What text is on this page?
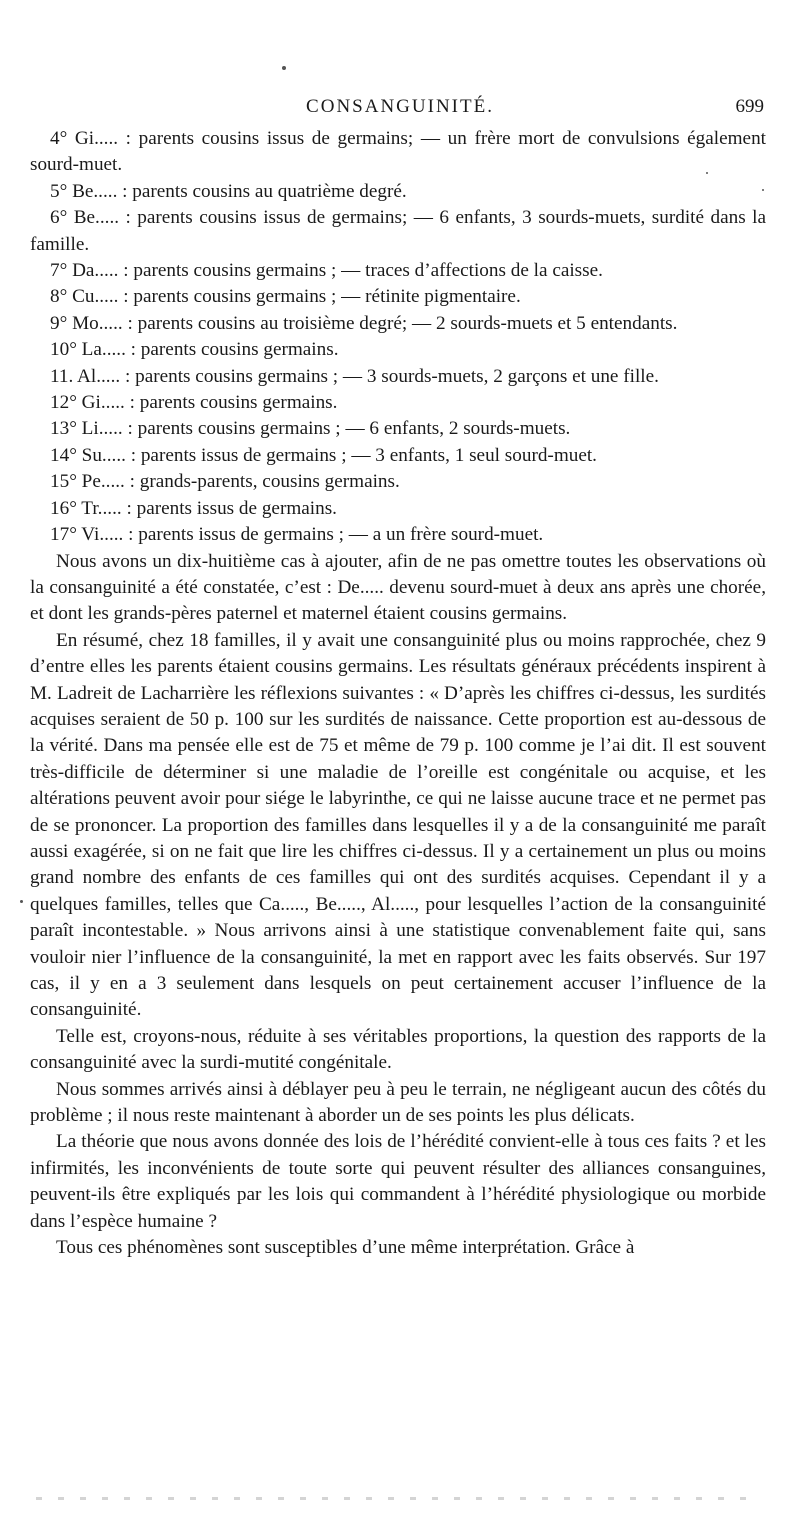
CONSANGUINITÉ.	699

4° Gi..... : parents cousins issus de germains; — un frère mort de convulsions également sourd-muet.

5° Be..... : parents cousins au quatrième degré.

6° Be..... : parents cousins issus de germains; — 6 enfants, 3 sourds-muets, surdité dans la famille.

7° Da..... : parents cousins germains ; — traces d’affections de la caisse.

8° Cu..... : parents cousins germains ; — rétinite pigmentaire.

9° Mo..... : parents cousins au troisième degré; — 2 sourds-muets et 5 entendants.

10° La..... : parents cousins germains.

11. Al..... : parents cousins germains ; — 3 sourds-muets, 2 garçons et une fille.

12° Gi..... : parents cousins germains.

13° Li..... : parents cousins germains ; — 6 enfants, 2 sourds-muets.

14° Su..... : parents issus de germains ; — 3 enfants, 1 seul sourd-muet.

15° Pe..... : grands-parents, cousins germains.

16° Tr..... : parents issus de germains.

17° Vi..... : parents issus de germains ; — a un frère sourd-muet.

Nous avons un dix-huitième cas à ajouter, afin de ne pas omettre toutes les observations où la consanguinité a été constatée, c’est : De..... devenu sourd-muet à deux ans après une chorée, et dont les grands-pères paternel et maternel étaient cousins germains.

En résumé, chez 18 familles, il y avait une consanguinité plus ou moins rapprochée, chez 9 d’entre elles les parents étaient cousins germains. Les résultats généraux précédents inspirent à M. Ladreit de Lacharrière les réflexions suivantes : « D’après les chiffres ci-dessus, les surdités acquises seraient de 50 p. 100 sur les surdités de naissance. Cette proportion est au-dessous de la vérité. Dans ma pensée elle est de 75 et même de 79 p. 100 comme je l’ai dit. Il est souvent très-difficile de déterminer si une maladie de l’oreille est congénitale ou acquise, et les altérations peuvent avoir pour siége le labyrinthe, ce qui ne laisse aucune trace et ne permet pas de se prononcer. La proportion des familles dans lesquelles il y a de la consanguinité me paraît aussi exagérée, si on ne fait que lire les chiffres ci-dessus. Il y a certainement un plus ou moins grand nombre des enfants de ces familles qui ont des surdités acquises. Cependant il y a quelques familles, telles que Ca....., Be....., Al....., pour lesquelles l’action de la consanguinité paraît incontestable. » Nous arrivons ainsi à une statistique convenablement faite qui, sans vouloir nier l’influence de la consanguinité, la met en rapport avec les faits observés. Sur 197 cas, il y en a 3 seulement dans lesquels on peut certainement accuser l’influence de la consanguinité.

Telle est, croyons-nous, réduite à ses véritables proportions, la question des rapports de la consanguinité avec la surdi-mutité congénitale.

Nous sommes arrivés ainsi à déblayer peu à peu le terrain, ne négligeant aucun des côtés du problème ; il nous reste maintenant à aborder un de ses points les plus délicats.

La théorie que nous avons donnée des lois de l’hérédité convient-elle à tous ces faits ? et les infirmités, les inconvénients de toute sorte qui peuvent résulter des alliances consanguines, peuvent-ils être expliqués par les lois qui commandent à l’hérédité physiologique ou morbide dans l’espèce humaine ?

Tous ces phénomènes sont susceptibles d’une même interprétation. Grâce à
